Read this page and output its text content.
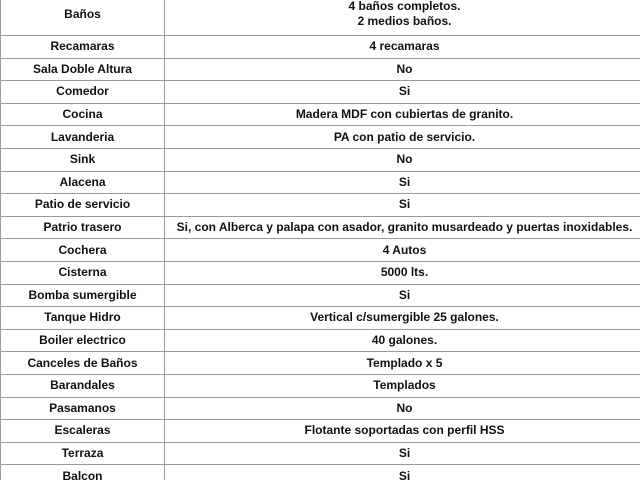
Baños	4 baños completos.
2 medios baños.

Recamaras	4 recamaras
Sala Doble Altura	No
Comedor	Si
Cocina	Madera MDF con cubiertas de granito.
Lavanderia	PA con patio de servicio.
Sink	No
Alacena	Si
Patio de servicio	Si
Patrio trasero	Si, con Alberca y palapa con asador, granito musardeado y puertas inoxidables.
Cochera	4 Autos
Cisterna	5000 lts.
Bomba sumergible	Si
Tanque Hidro	Vertical c/sumergible 25 galones.
Boiler electrico	40 galones.
Canceles de Baños	Templado x 5
Barandales	Templados
Pasamanos	No
Escaleras	Flotante soportadas con perfil HSS
Terraza	Si
Balcon	Si
